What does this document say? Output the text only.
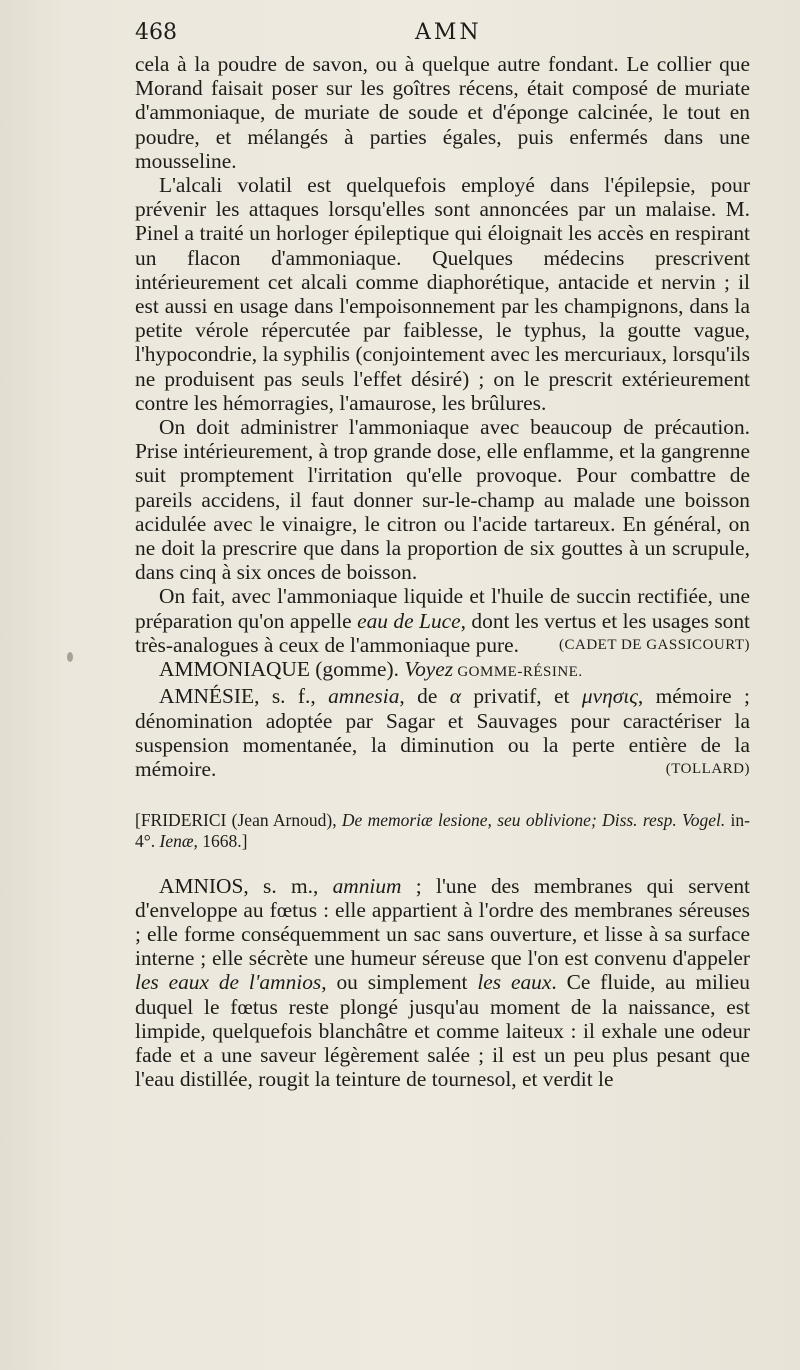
468	AMN

cela à la poudre de savon, ou à quelque autre fondant. Le collier que Morand faisait poser sur les goîtres récens, était composé de muriate d'ammoniaque, de muriate de soude et d'éponge calcinée, le tout en poudre, et mélangés à parties égales, puis enfermés dans une mousseline.

L'alcali volatil est quelquefois employé dans l'épilepsie, pour prévenir les attaques lorsqu'elles sont annoncées par un malaise. M. Pinel a traité un horloger épileptique qui éloignait les accès en respirant un flacon d'ammoniaque. Quelques médecins prescrivent intérieurement cet alcali comme diaphorétique, antacide et nervin ; il est aussi en usage dans l'empoisonnement par les champignons, dans la petite vérole répercutée par faiblesse, le typhus, la goutte vague, l'hypocondrie, la syphilis (conjointement avec les mercuriaux, lorsqu'ils ne produisent pas seuls l'effet désiré) ; on le prescrit extérieurement contre les hémorragies, l'amaurose, les brûlures.

On doit administrer l'ammoniaque avec beaucoup de précaution. Prise intérieurement, à trop grande dose, elle enflamme, et la gangrenne suit promptement l'irritation qu'elle provoque. Pour combattre de pareils accidens, il faut donner sur-le-champ au malade une boisson acidulée avec le vinaigre, le citron ou l'acide tartareux. En général, on ne doit la prescrire que dans la proportion de six gouttes à un scrupule, dans cinq à six onces de boisson.

On fait, avec l'ammoniaque liquide et l'huile de succin rectifiée, une préparation qu'on appelle eau de Luce, dont les vertus et les usages sont très-analogues à ceux de l'ammoniaque pure.	(CADET DE GASSICOURT)

AMMONIAQUE (gomme). Voyez GOMME-RÉSINE.

AMNÉSIE, s. f., amnesia, de α privatif, et μνησις, mémoire ; dénomination adoptée par Sagar et Sauvages pour caractériser la suspension momentanée, la diminution ou la perte entière de la mémoire.	(TOLLARD)

[FRIDERICI (Jean Arnoud), De memoriæ lesione, seu oblivione; Diss. resp. Vogel. in-4°. Ienæ, 1668.]

AMNIOS, s. m., amnium ; l'une des membranes qui servent d'enveloppe au fœtus : elle appartient à l'ordre des membranes séreuses ; elle forme conséquemment un sac sans ouverture, et lisse à sa surface interne ; elle sécrète une humeur séreuse que l'on est convenu d'appeler les eaux de l'amnios, ou simplement les eaux. Ce fluide, au milieu duquel le fœtus reste plongé jusqu'au moment de la naissance, est limpide, quelquefois blanchâtre et comme laiteux : il exhale une odeur fade et a une saveur légèrement salée ; il est un peu plus pesant que l'eau distillée, rougit la teinture de tournesol, et verdit le
